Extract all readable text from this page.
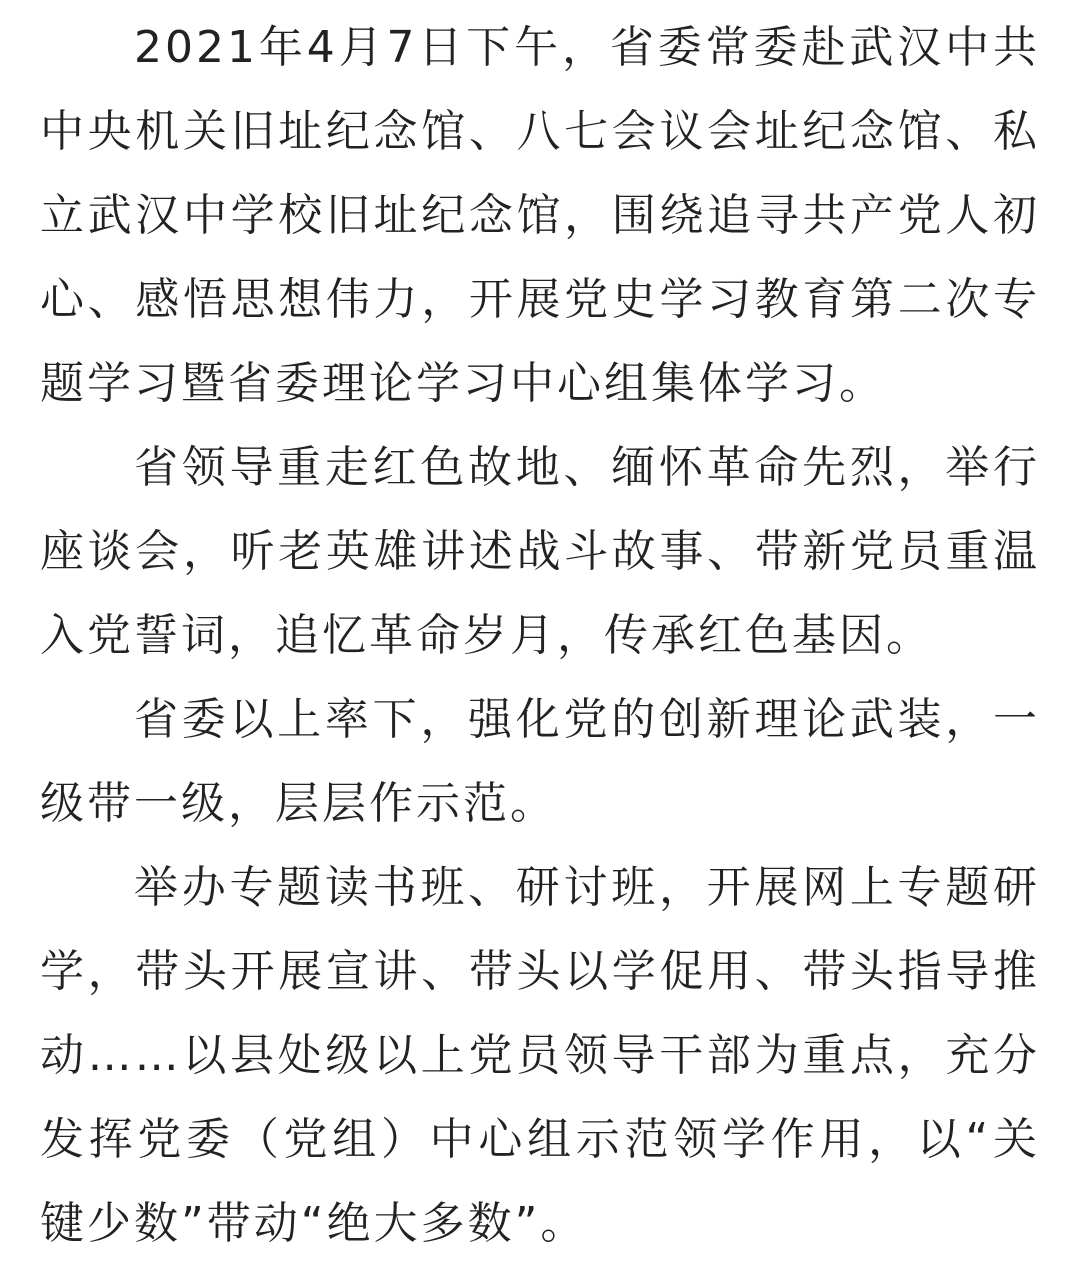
2021年4月7日下午，省委常委赴武汉中共中央机关旧址纪念馆、八七会议会址纪念馆、私立武汉中学校旧址纪念馆，围绕追寻共产党人初心、感悟思想伟力，开展党史学习教育第二次专题学习暨省委理论学习中心组集体学习。

省领导重走红色故地、缅怀革命先烈，举行座谈会，听老英雄讲述战斗故事、带新党员重温入党誓词，追忆革命岁月，传承红色基因。

省委以上率下，强化党的创新理论武装，一级带一级，层层作示范。

举办专题读书班、研讨班，开展网上专题研学，带头开展宣讲、带头以学促用、带头指导推动……以县处级以上党员领导干部为重点，充分发挥党委（党组）中心组示范领学作用，以“关键少数”带动“绝大多数”。
